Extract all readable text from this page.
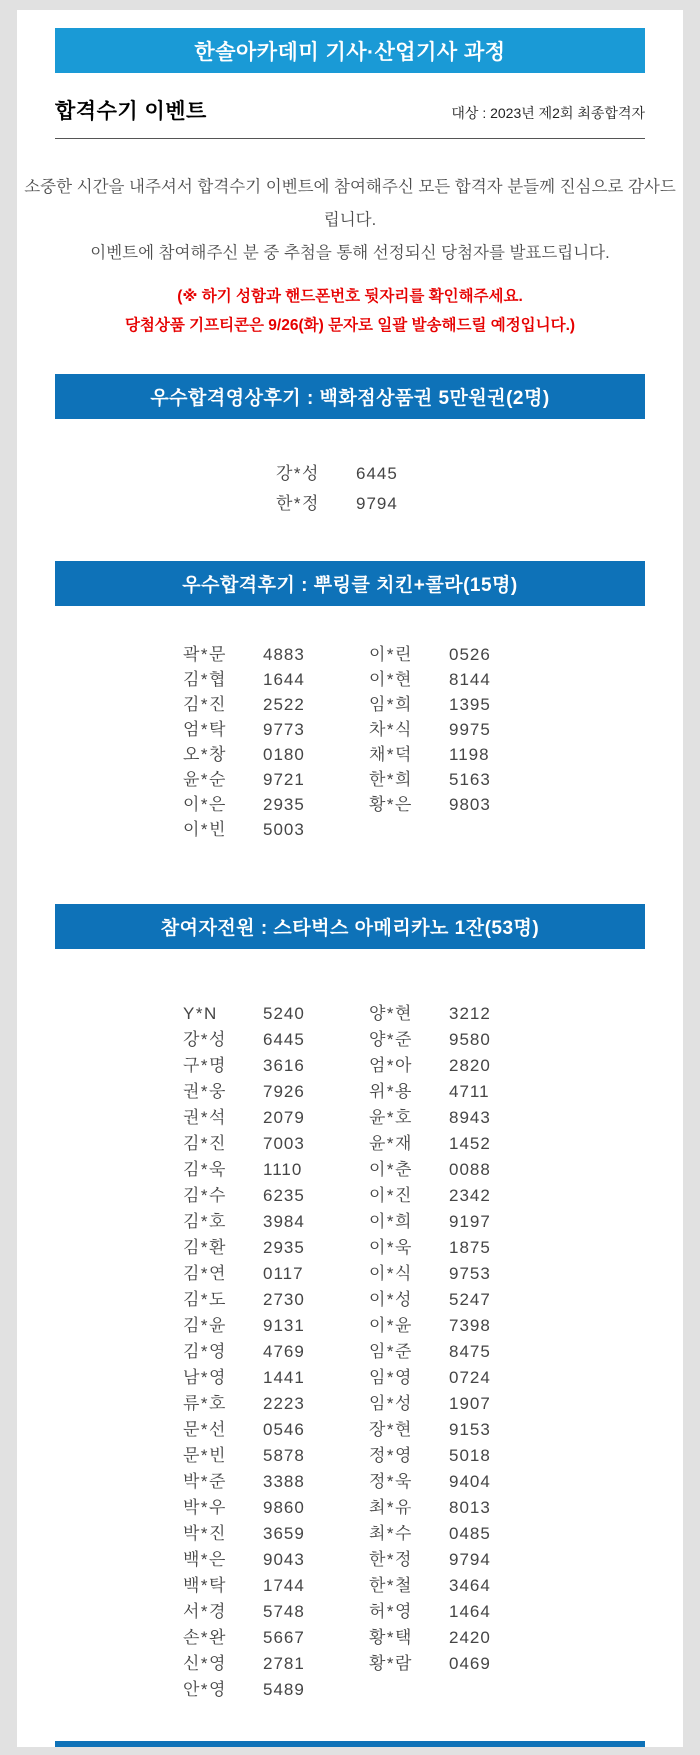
한솔아카데미 기사·산업기사 과정
합격수기 이벤트	대상 : 2023년 제2회 최종합격자
소중한 시간을 내주셔서 합격수기 이벤트에 참여해주신 모든 합격자 분들께 진심으로 감사드립니다.
이벤트에 참여해주신 분 중 추첨을 통해 선정되신 당첨자를 발표드립니다.
(※ 하기 성함과 핸드폰번호 뒷자리를 확인해주세요.
당첨상품 기프티콘은 9/26(화) 문자로 일괄 발송해드릴 예정입니다.)
우수합격영상후기 : 백화점상품권 5만원권(2명)
강*성	6445
한*정	9794
우수합격후기 : 뿌링클 치킨+콜라(15명)
곽*문	4883
김*협	1644
김*진	2522
엄*탁	9773
오*창	0180
윤*순	9721
이*은	2935
이*빈	5003
이*린	0526
이*현	8144
임*희	1395
차*식	9975
채*덕	1198
한*희	5163
황*은	9803
참여자전원 : 스타벅스 아메리카노 1잔(53명)
Y*N	5240
강*성	6445
구*명	3616
권*웅	7926
권*석	2079
김*진	7003
김*욱	1110
김*수	6235
김*호	3984
김*환	2935
김*연	0117
김*도	2730
김*윤	9131
김*영	4769
남*영	1441
류*호	2223
문*선	0546
문*빈	5878
박*준	3388
박*우	9860
박*진	3659
백*은	9043
백*탁	1744
서*경	5748
손*완	5667
신*영	2781
안*영	5489
양*현	3212
양*준	9580
엄*아	2820
위*용	4711
윤*호	8943
윤*재	1452
이*춘	0088
이*진	2342
이*희	9197
이*욱	1875
이*식	9753
이*성	5247
이*윤	7398
임*준	8475
임*영	0724
임*성	1907
장*현	9153
정*영	5018
정*욱	9404
최*유	8013
최*수	0485
한*정	9794
한*철	3464
허*영	1464
황*택	2420
황*람	0469
